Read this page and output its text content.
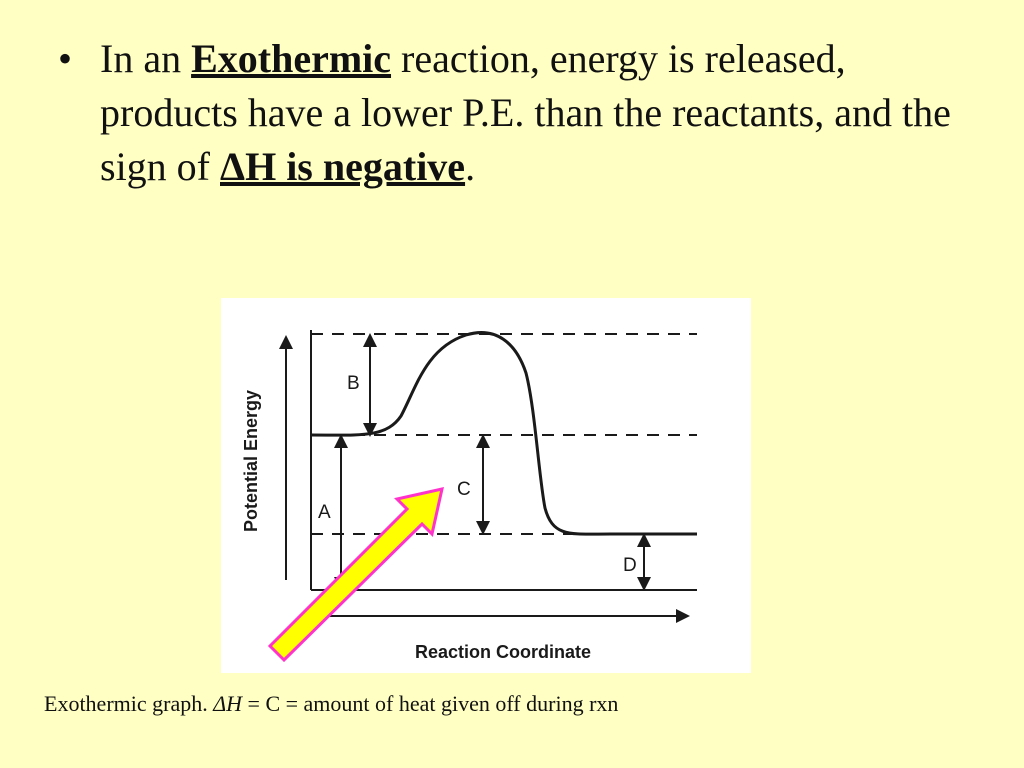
• In an Exothermic reaction, energy is released, products have a lower P.E. than the reactants, and the sign of ΔH is negative.
B
A
C
D
Potential Energy
Reaction Coordinate
Exothermic graph. ΔH = C = amount of heat given off during rxn
